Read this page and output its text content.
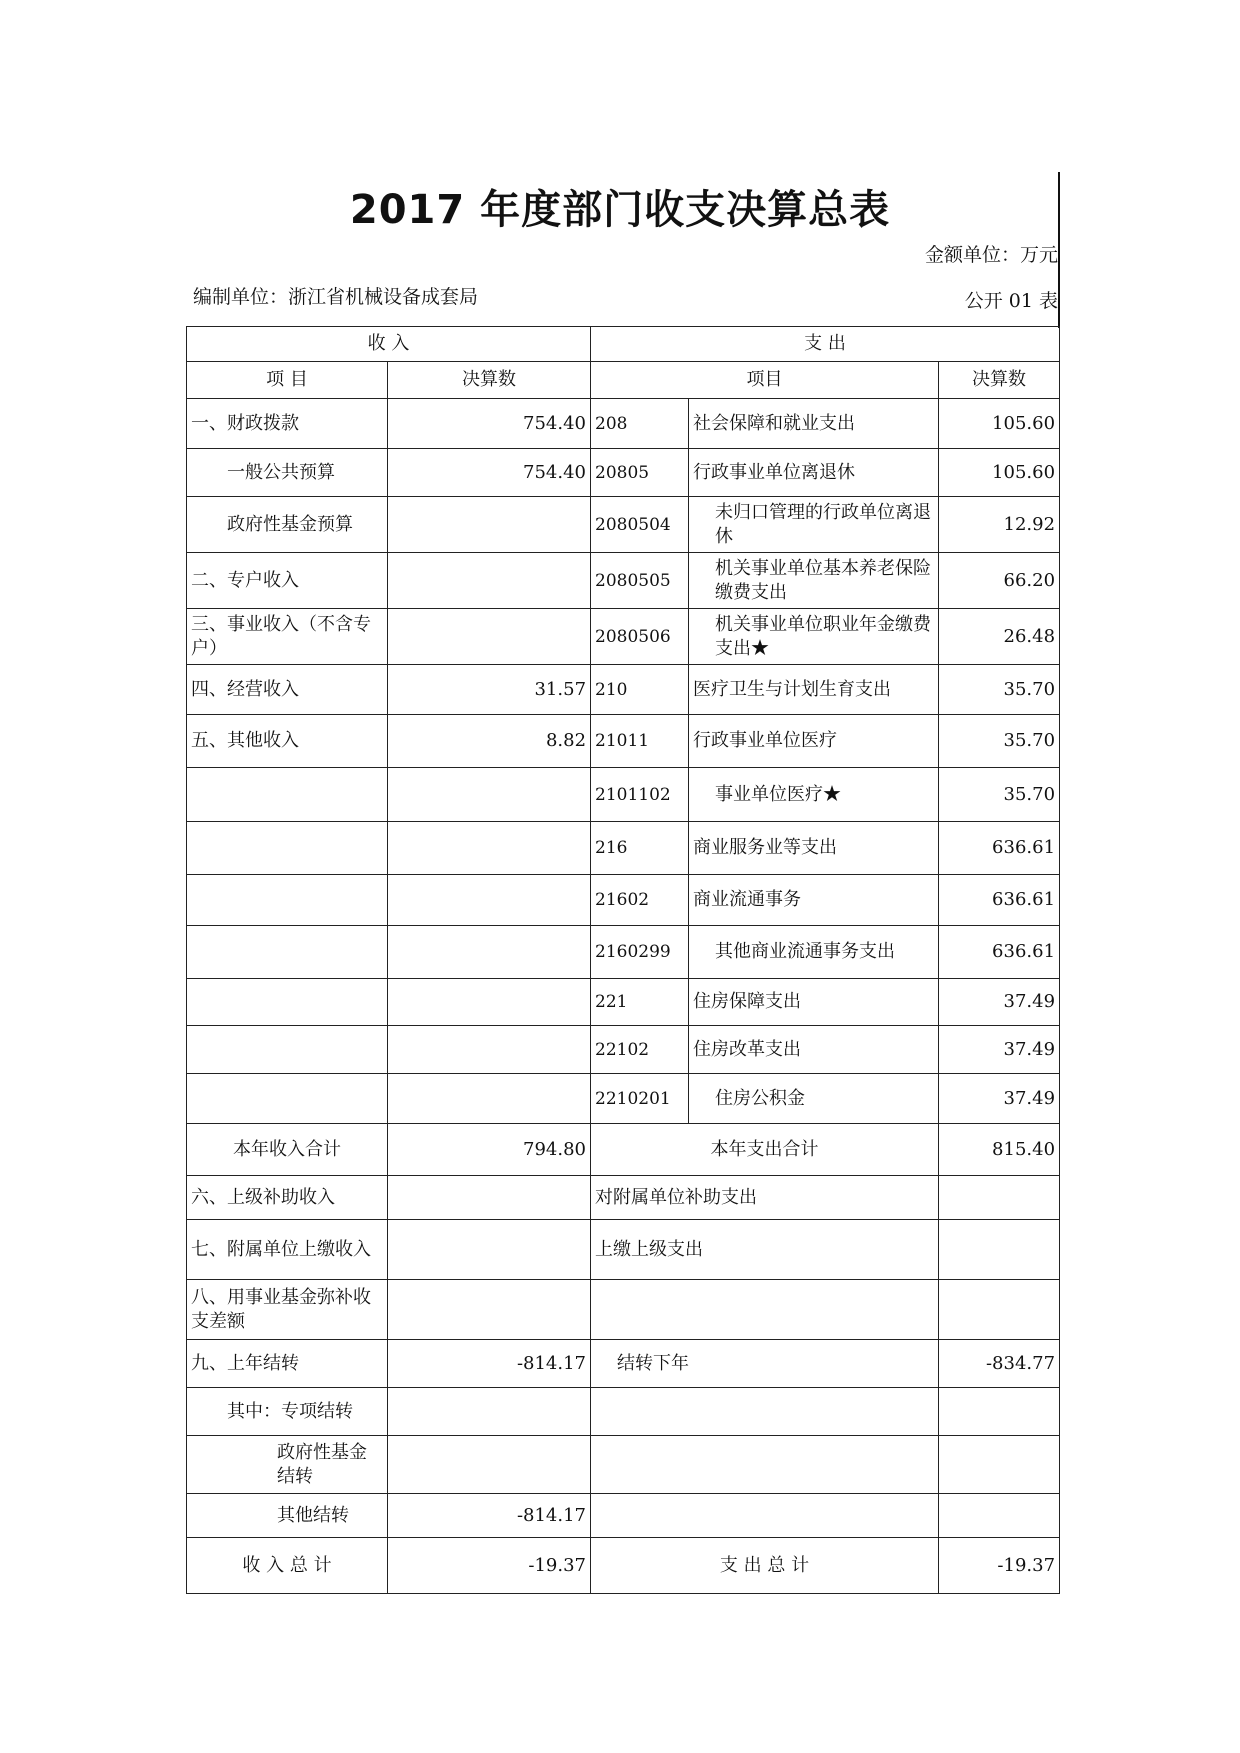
2017 年度部门收支决算总表
金额单位：万元
编制单位：浙江省机械设备成套局	公开 01 表
收 入		支 出		
项 目	决算数	项目		决算数
一、财政拨款	754.40	208	社会保障和就业支出	105.60
一般公共预算	754.40	20805	行政事业单位离退休	105.60
政府性基金预算		2080504	未归口管理的行政单位离退休	12.92
二、专户收入		2080505	机关事业单位基本养老保险缴费支出	66.20
三、事业收入（不含专户）		2080506	机关事业单位职业年金缴费支出★	26.48
四、经营收入	31.57	210	医疗卫生与计划生育支出	35.70
五、其他收入	8.82	21011	行政事业单位医疗	35.70
		2101102	事业单位医疗★	35.70
		216	商业服务业等支出	636.61
		21602	商业流通事务	636.61
		2160299	其他商业流通事务支出	636.61
		221	住房保障支出	37.49
		22102	住房改革支出	37.49
		2210201	住房公积金	37.49
本年收入合计	794.80	本年支出合计		815.40
六、上级补助收入		对附属单位补助支出		
七、附属单位上缴收入		上缴上级支出		
八、用事业基金弥补收支差额				
九、上年结转	-814.17	结转下年		-834.77
其中：专项结转				
政府性基金结转				
其他结转	-814.17			
收 入 总 计	-19.37	支 出 总 计		-19.37
